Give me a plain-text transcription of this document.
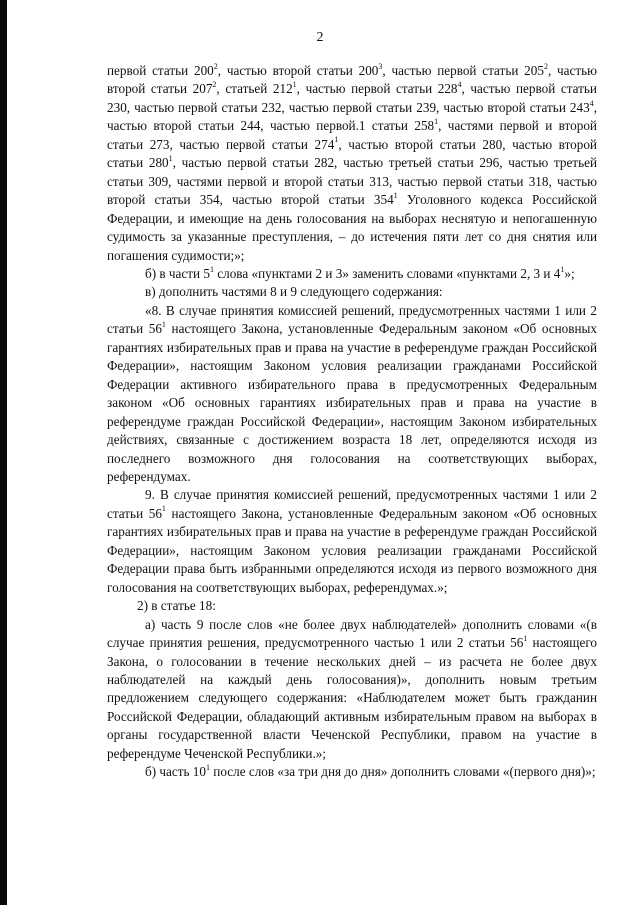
2

первой статьи $200^2$, частью второй статьи $200^3$, частью первой статьи $205^2$, частью второй статьи $207^2$, статьей $212^1$, частью первой статьи $228^4$, частью первой статьи 230, частью первой статьи 232, частью первой статьи 239, частью второй статьи $243^4$, частью второй статьи 244, частью первой.1 статьи $258^1$, частями первой и второй статьи 273, частью первой статьи $274^1$, частью второй статьи 280, частью второй статьи $280^1$, частью первой статьи 282, частью третьей статьи 296, частью третьей статьи 309, частями первой и второй статьи 313, частью первой статьи 318, частью второй статьи 354, частью второй статьи $354^1$ Уголовного кодекса Российской Федерации, и имеющие на день голосования на выборах неснятую и непогашенную судимость за указанные преступления, – до истечения пяти лет со дня снятия или погашения судимости;»;

б) в части $5^1$ слова «пунктами 2 и 3» заменить словами «пунктами 2, 3 и $4^1$»;

в) дополнить частями 8 и 9 следующего содержания:

«8. В случае принятия комиссией решений, предусмотренных частями 1 или 2 статьи $56^1$ настоящего Закона, установленные Федеральным законом «Об основных гарантиях избирательных прав и права на участие в референдуме граждан Российской Федерации», настоящим Законом условия реализации гражданами Российской Федерации активного избирательного права в предусмотренных Федеральным законом «Об основных гарантиях избирательных прав и права на участие в референдуме граждан Российской Федерации», настоящим Законом избирательных действиях, связанные с достижением возраста 18 лет, определяются исходя из последнего возможного дня голосования на соответствующих выборах, референдумах.

9. В случае принятия комиссией решений, предусмотренных частями 1 или 2 статьи $56^1$ настоящего Закона, установленные Федеральным законом «Об основных гарантиях избирательных прав и права на участие в референдуме граждан Российской Федерации», настоящим Законом условия реализации гражданами Российской Федерации права быть избранными определяются исходя из первого возможного дня голосования на соответствующих выборах, референдумах.»;

2) в статье 18:

а) часть 9 после слов «не более двух наблюдателей» дополнить словами «(в случае принятия решения, предусмотренного частью 1 или 2 статьи $56^1$ настоящего Закона, о голосовании в течение нескольких дней – из расчета не более двух наблюдателей на каждый день голосования)», дополнить новым третьим предложением следующего содержания: «Наблюдателем может быть гражданин Российской Федерации, обладающий активным избирательным правом на выборах в органы государственной власти Чеченской Республики, правом на участие в референдуме Чеченской Республики.»;

б) часть $10^1$ после слов «за три дня до дня» дополнить словами «(первого дня)»;
